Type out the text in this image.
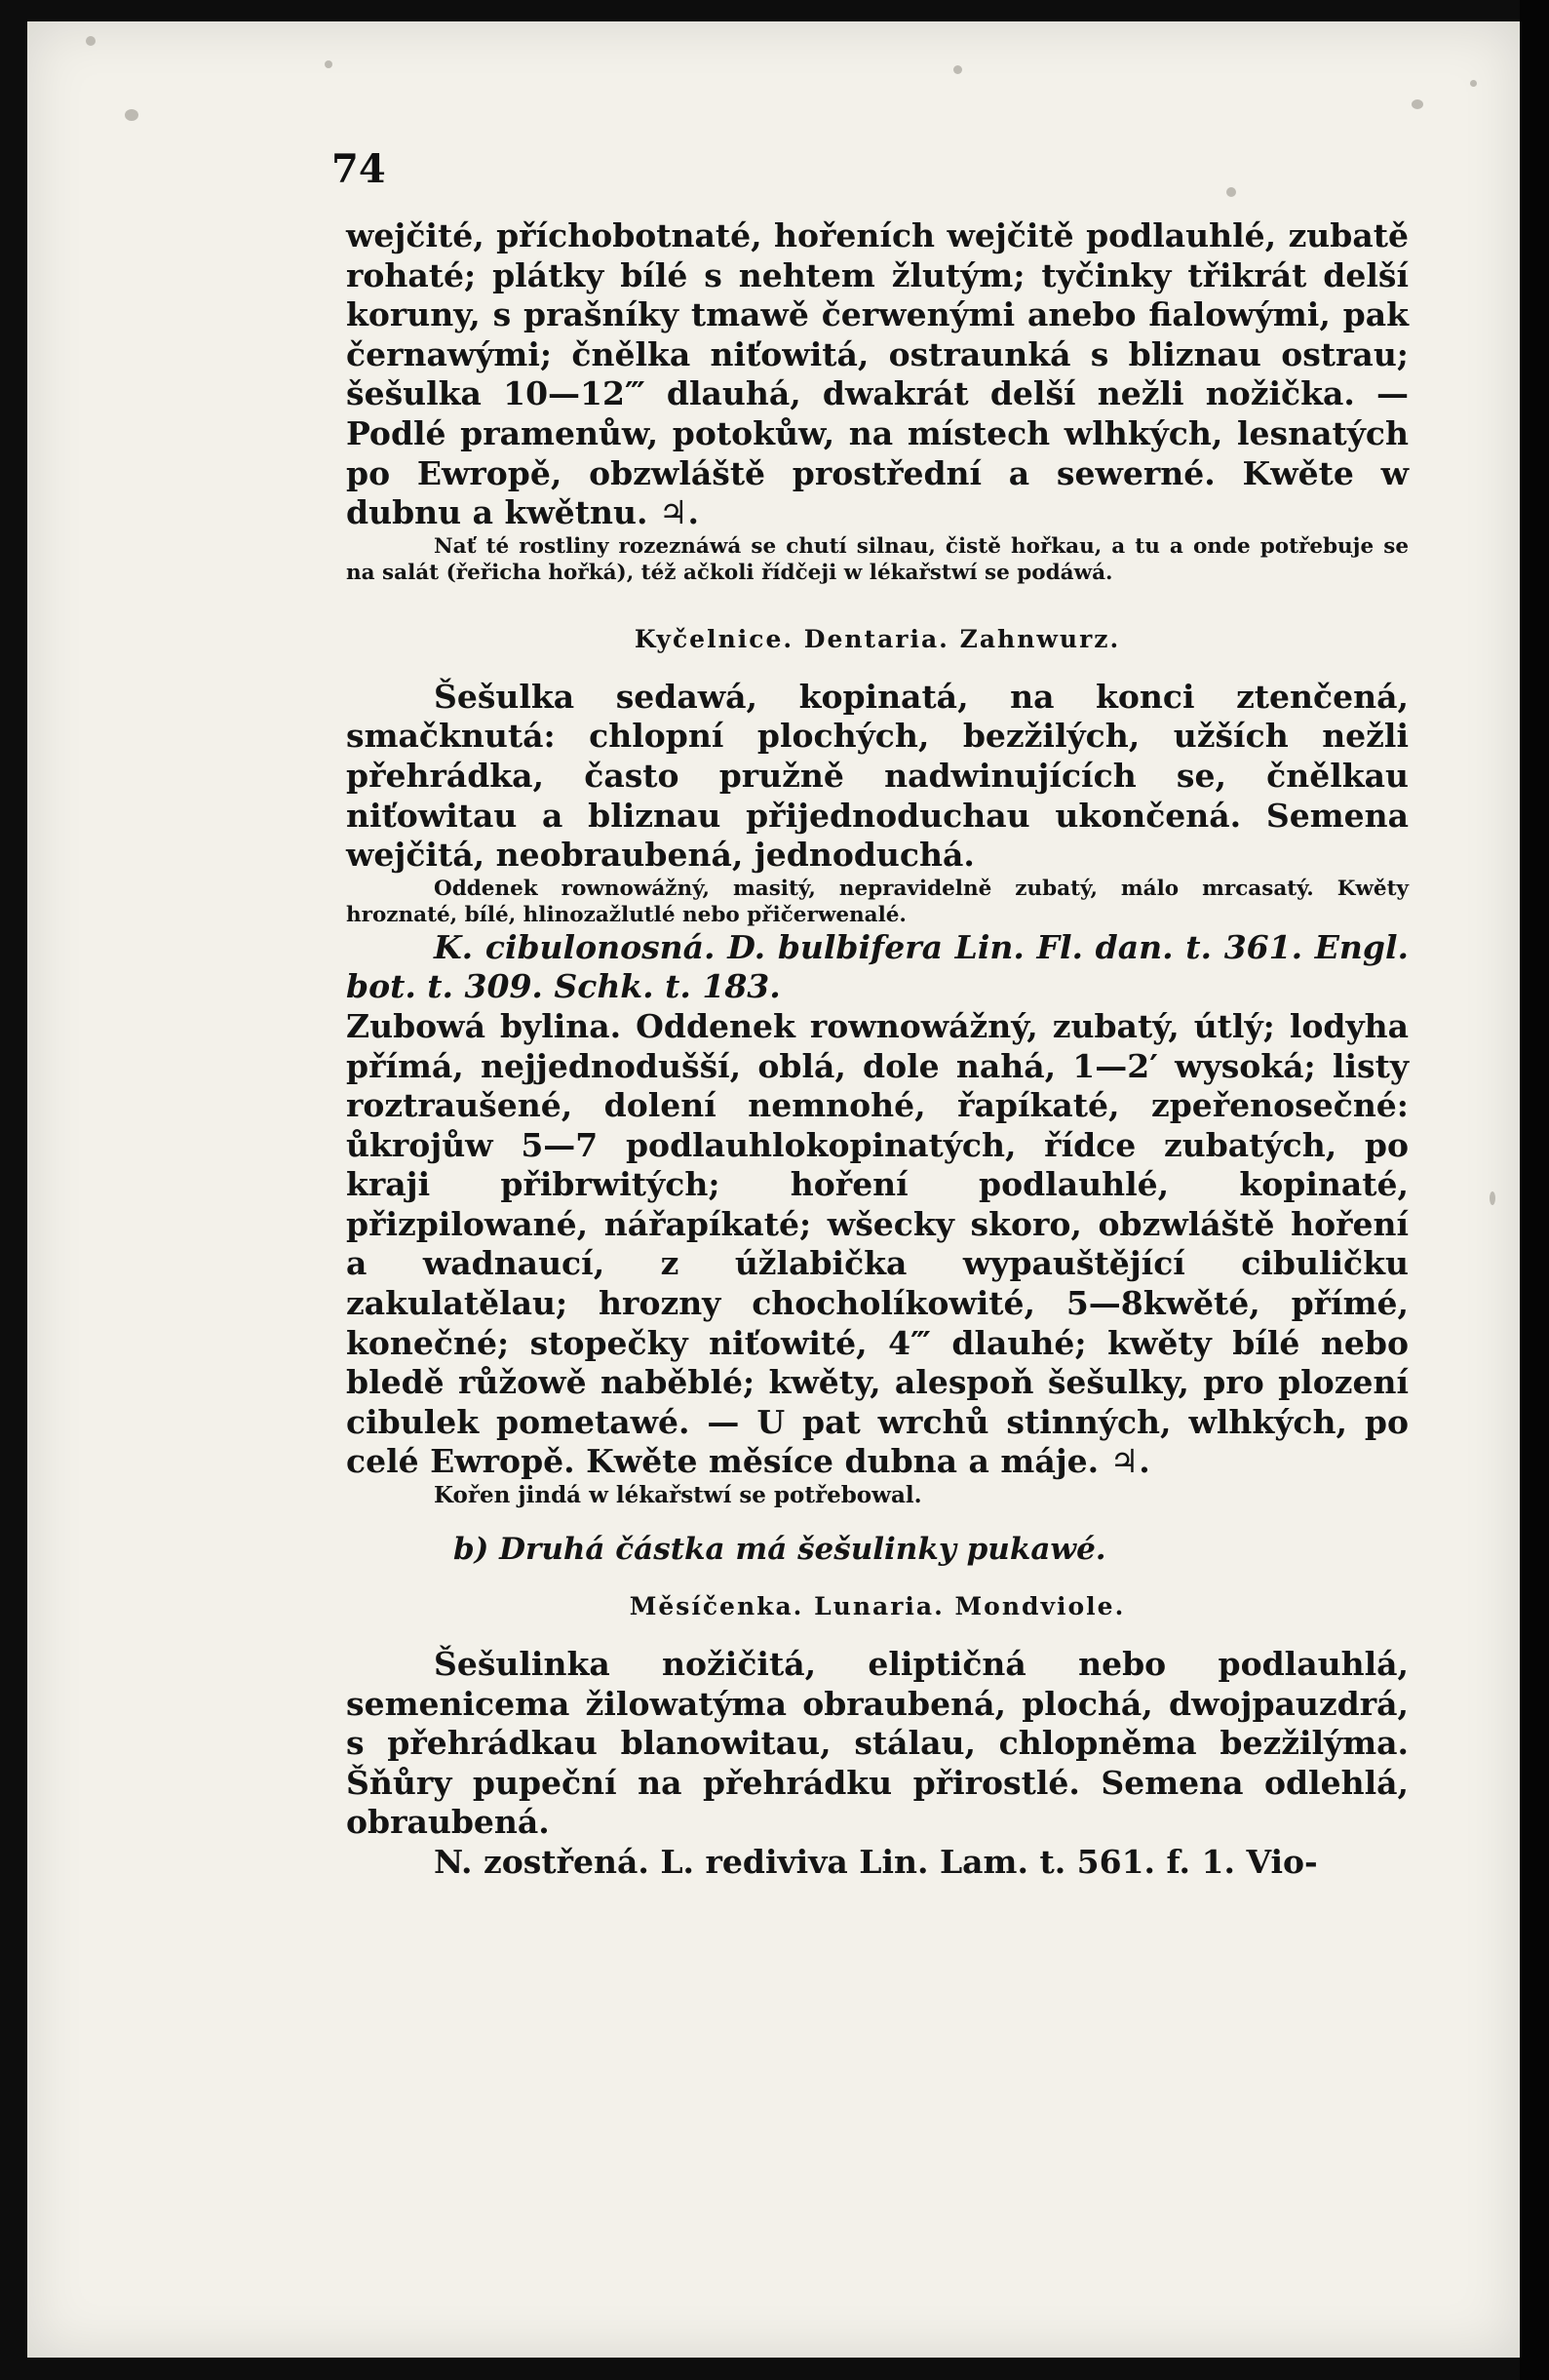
74

wejčité, příchobotnaté, hořeních wejčitě podlauhlé, zubatě rohaté; plátky bílé s nehtem žlutým; tyčinky třikrát delší koruny, s prašníky tmawě čerwenými anebo fialowými, pak černawými; čnělka niťowitá, ostraunká s bliznau ostrau; šešulka 10—12‴ dlauhá, dwakrát delší nežli nožička. — Podlé pramenůw, potokůw, na místech wlhkých, lesnatých po Ewropě, obzwláště prostřední a sewerné. Kwěte w dubnu a kwětnu. ♃.

Nať té rostliny rozeznáwá se chutí silnau, čistě hořkau, a tu a onde potřebuje se na salát (řeřicha hořká), též ačkoli řídčeji w lékařstwí se podáwá.

Kyčelnice. Dentaria. Zahnwurz.

Šešulka sedawá, kopinatá, na konci ztenčená, smačknutá: chlopní plochých, bezžilých, užších nežli přehrádka, často pružně nadwinujících se, čnělkau niťowitau a bliznau přijednoduchau ukončená. Semena wejčitá, neobraubená, jednoduchá.

Oddenek rownowážný, masitý, nepravidelně zubatý, málo mrcasatý. Kwěty hroznaté, bílé, hlinozažlutlé nebo přičerwenalé.

K. cibulonosná. D. bulbifera Lin. Fl. dan. t. 361. Engl. bot. t. 309. Schk. t. 183.

Zubowá bylina. Oddenek rownowážný, zubatý, útlý; lodyha přímá, nejjednodušší, oblá, dole nahá, 1—2′ wysoká; listy roztraušené, dolení nemnohé, řapíkaté, zpeřenosečné: ůkrojůw 5—7 podlauhlokopinatých, řídce zubatých, po kraji přibrwitých; hoření podlauhlé, kopinaté, přizpilowané, nářapíkaté; wšecky skoro, obzwláště hoření a wadnaucí, z úžlabička wypauštějící cibuličku zakulatělau; hrozny chocholíkowité, 5—8kwěté, přímé, konečné; stopečky niťowité, 4‴ dlauhé; kwěty bílé nebo bledě růžowě naběblé; kwěty, alespoň šešulky, pro plození cibulek pometawé. — U pat wrchů stinných, wlhkých, po celé Ewropě. Kwěte měsíce dubna a máje. ♃.

Kořen jindá w lékařstwí se potřebowal.

b) Druhá částka má šešulinky pukawé.

Měsíčenka. Lunaria. Mondviole.

Šešulinka nožičitá, eliptičná nebo podlauhlá, semenicema žilowatýma obraubená, plochá, dwojpauzdrá, s přehrádkau blanowitau, stálau, chlopněma bezžilýma. Šňůry pupeční na přehrádku přirostlé. Semena odlehlá, obraubená.

N. zostřená. L. rediviva Lin. Lam. t. 561. f. 1. Vio-
